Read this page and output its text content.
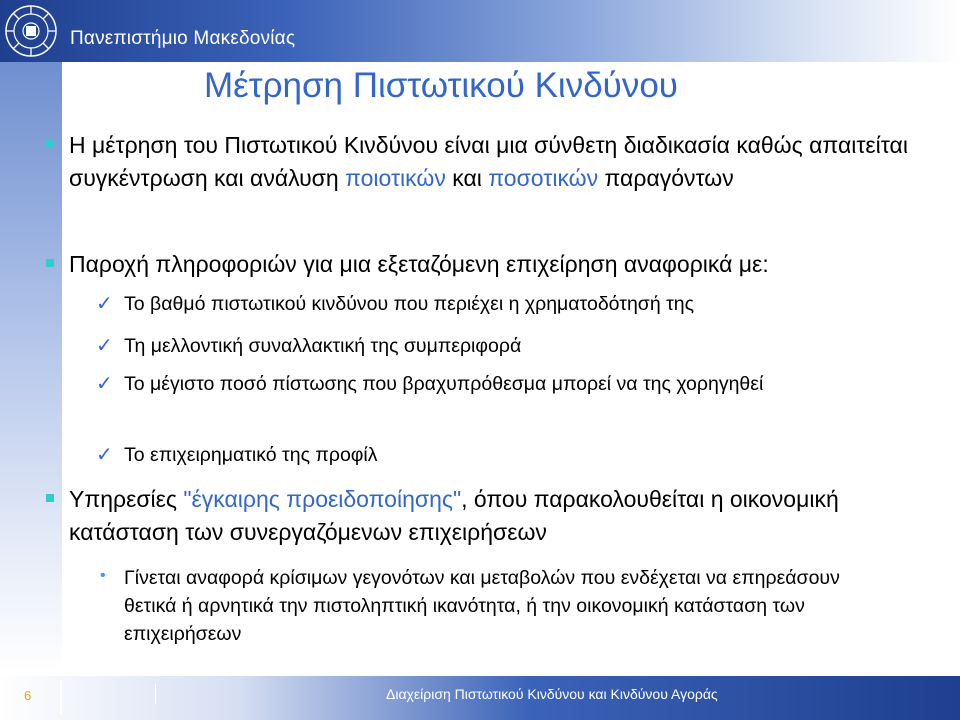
Πανεπιστήμιο Μακεδονίας
Μέτρηση Πιστωτικού Κινδύνου
Η μέτρηση του Πιστωτικού Κινδύνου είναι μια σύνθετη διαδικασία καθώς απαιτείται συγκέντρωση και ανάλυση ποιοτικών και ποσοτικών παραγόντων
Παροχή πληροφοριών για μια εξεταζόμενη επιχείρηση αναφορικά με:
✓ Το βαθμό πιστωτικού κινδύνου που περιέχει η χρηματοδότησή της
✓ Τη μελλοντική συναλλακτική της συμπεριφορά
✓ Το μέγιστο ποσό πίστωσης που βραχυπρόθεσμα μπορεί να της χορηγηθεί
✓ Το επιχειρηματικό της προφίλ
Υπηρεσίες "έγκαιρης προειδοποίησης", όπου παρακολουθείται η οικονομική κατάσταση των συνεργαζόμενων επιχειρήσεων
• Γίνεται αναφορά κρίσιμων γεγονότων και μεταβολών που ενδέχεται να επηρεάσουν θετικά ή αρνητικά την πιστοληπτική ικανότητα, ή την οικονομική κατάσταση των επιχειρήσεων
6	Διαχείριση Πιστωτικού Κινδύνου και Κινδύνου Αγοράς
